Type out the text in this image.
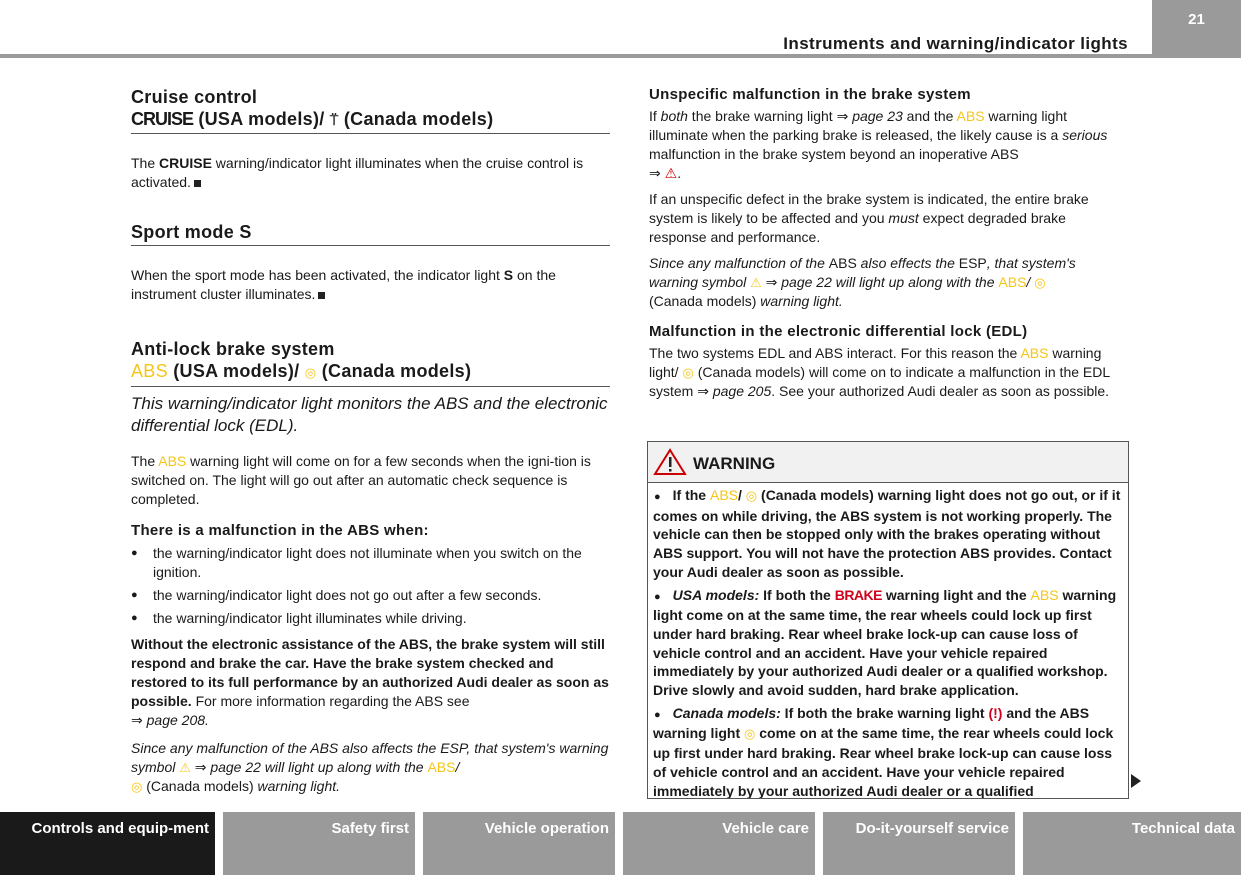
Instruments and warning/indicator lights
21
Cruise control
CRUISE (USA models)/ ⍡ (Canada models)

The CRUISE warning/indicator light illuminates when the cruise control is activated.

Sport mode S

When the sport mode has been activated, the indicator light S on the instrument cluster illuminates.

Anti-lock brake system
ABS (USA models)/ ◎ (Canada models)

This warning/indicator light monitors the ABS and the electronic differential lock (EDL).

The ABS warning light will come on for a few seconds when the igni-tion is switched on. The light will go out after an automatic check sequence is completed.

There is a malfunction in the ABS when:
● the warning/indicator light does not illuminate when you switch on the ignition.
● the warning/indicator light does not go out after a few seconds.
● the warning/indicator light illuminates while driving.

Without the electronic assistance of the ABS, the brake system will still respond and brake the car. Have the brake system checked and restored to its full performance by an authorized Audi dealer as soon as possible. For more information regarding the ABS see

⇒ page 208.

Since any malfunction of the ABS also affects the ESP, that system's warning symbol ⚠ ⇒ page 22 will light up along with the ABS/
◎ (Canada models) warning light.

Unspecific malfunction in the brake system

If both the brake warning light ⇒ page 23 and the ABS warning light illuminate when the parking brake is released, the likely cause is a serious malfunction in the brake system beyond an inoperative ABS
⇒ ⚠.

If an unspecific defect in the brake system is indicated, the entire brake system is likely to be affected and you must expect degraded brake response and performance.

Since any malfunction of the ABS also effects the ESP, that system's warning symbol ⚠ ⇒ page 22 will light up along with the ABS/ ◎
(Canada models) warning light.

Malfunction in the electronic differential lock (EDL)

The two systems EDL and ABS interact. For this reason the ABS warning light/ ◎ (Canada models) will come on to indicate a malfunction in the EDL system ⇒ page 205. See your authorized Audi dealer as soon as possible.

WARNING
● If the ABS/ ◎ (Canada models) warning light does not go out, or if it comes on while driving, the ABS system is not working properly. The vehicle can then be stopped only with the brakes operating without ABS support. You will not have the protection ABS provides. Contact your Audi dealer as soon as possible.
● USA models: If both the BRAKE warning light and the ABS warning light come on at the same time, the rear wheels could lock up first under hard braking. Rear wheel brake lock-up can cause loss of vehicle control and an accident. Have your vehicle repaired immediately by your authorized Audi dealer or a qualified workshop. Drive slowly and avoid sudden, hard brake application.
● Canada models: If both the brake warning light (!) and the ABS warning light ◎ come on at the same time, the rear wheels could lock up first under hard braking. Rear wheel brake lock-up can cause loss of vehicle control and an accident. Have your vehicle repaired immediately by your authorized Audi dealer or a qualified
Controls and equip-ment	Safety first	Vehicle operation	Vehicle care	Do-it-yourself service	Technical data
